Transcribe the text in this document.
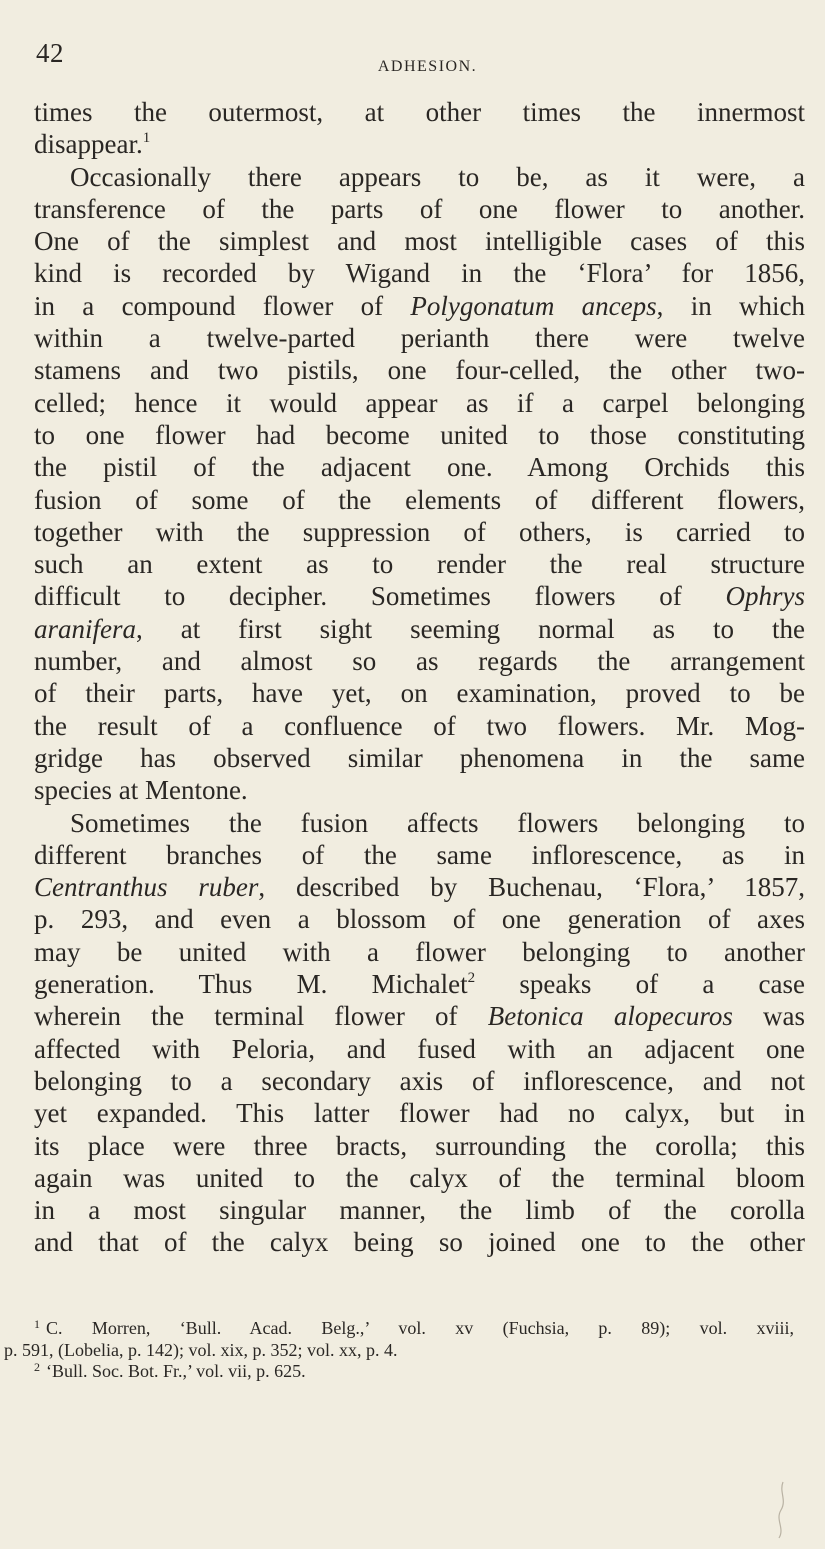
42	ADHESION.
times the outermost, at other times the innermost
disappear.$^1$
Occasionally there appears to be, as it were, a
transference of the parts of one flower to another.
One of the simplest and most intelligible cases of this
kind is recorded by Wigand in the ‘Flora’ for 1856,
in a compound flower of Polygonatum anceps, in which
within a twelve-parted perianth there were twelve
stamens and two pistils, one four-celled, the other two-
celled; hence it would appear as if a carpel belonging
to one flower had become united to those constituting
the pistil of the adjacent one. Among Orchids this
fusion of some of the elements of different flowers,
together with the suppression of others, is carried to
such an extent as to render the real structure
difficult to decipher. Sometimes flowers of Ophrys
aranifera, at first sight seeming normal as to the
number, and almost so as regards the arrangement
of their parts, have yet, on examination, proved to be
the result of a confluence of two flowers. Mr. Mog-
gridge has observed similar phenomena in the same
species at Mentone.
Sometimes the fusion affects flowers belonging to
different branches of the same inflorescence, as in
Centranthus ruber, described by Buchenau, ‘Flora,’ 1857,
p. 293, and even a blossom of one generation of axes
may be united with a flower belonging to another
generation. Thus M. Michalet$^2$ speaks of a case
wherein the terminal flower of Betonica alopecuros was
affected with Peloria, and fused with an adjacent one
belonging to a secondary axis of inflorescence, and not
yet expanded. This latter flower had no calyx, but in
its place were three bracts, surrounding the corolla; this
again was united to the calyx of the terminal bloom
in a most singular manner, the limb of the corolla
and that of the calyx being so joined one to the other
$^1$ C. Morren, ‘Bull. Acad. Belg.,’ vol. xv (Fuchsia, p. 89); vol. xviii,
p. 591, (Lobelia, p. 142); vol. xix, p. 352; vol. xx, p. 4.
$^2$ ‘Bull. Soc. Bot. Fr.,’ vol. vii, p. 625.
